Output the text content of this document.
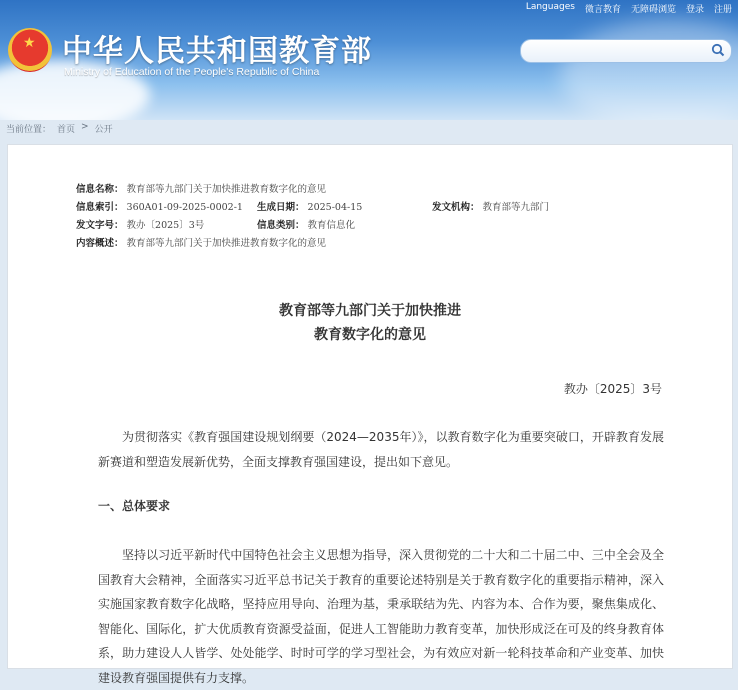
★ 中华人民共和国教育部
Ministry of Education of the People's Republic of China
Languages 微言教育 无障碍浏览 登录 注册
当前位置： 首页 > 公开
信息名称： 教育部等九部门关于加快推进教育数字化的意见
信息索引： 360A01-09-2025-0002-1 生成日期： 2025-04-15	发文机构： 教育部等九部门
发文字号： 教办〔2025〕3号	信息类别： 教育信息化
内容概述： 教育部等九部门关于加快推进教育数字化的意见
教育部等九部门关于加快推进
教育数字化的意见
教办〔2025〕3号
为贯彻落实《教育强国建设规划纲要（2024—2035年）》，以教育数字化为重要突破口，开辟教育发展新赛道和塑造发展新优势，全面支撑教育强国建设，提出如下意见。
一、总体要求
坚持以习近平新时代中国特色社会主义思想为指导，深入贯彻党的二十大和二十届二中、三中全会及全国教育大会精神，全面落实习近平总书记关于教育的重要论述特别是关于教育数字化的重要指示精神，深入实施国家教育数字化战略，坚持应用导向、治理为基，秉承联结为先、内容为本、合作为要，聚焦集成化、智能化、国际化，扩大优质教育资源受益面，促进人工智能助力教育变革，加快形成泛在可及的终身教育体系，助力建设人人皆学、处处能学、时时可学的学习型社会，为有效应对新一轮科技革命和产业变革、加快建设教育强国提供有力支撑。
